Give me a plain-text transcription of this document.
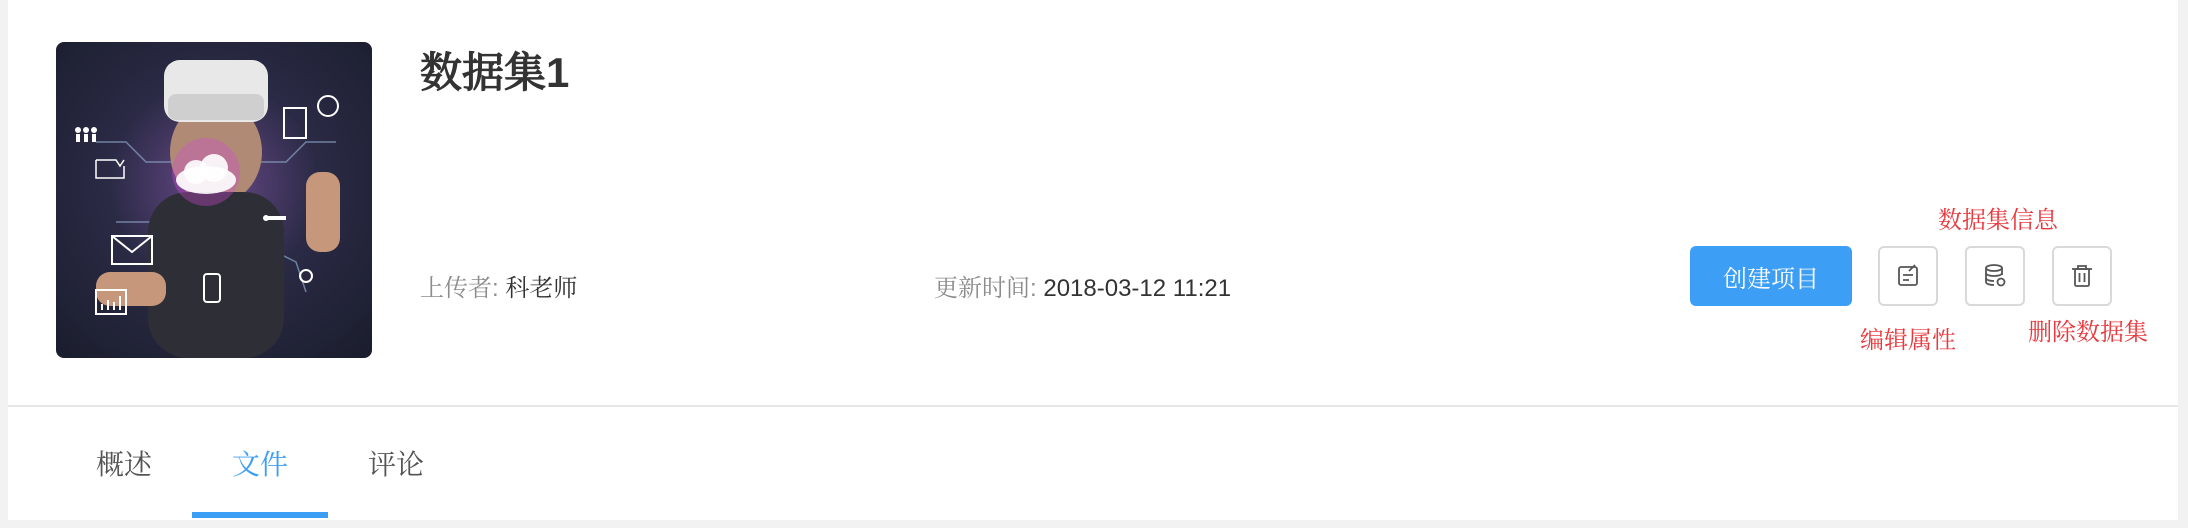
数据集1
上传者: 科老师	更新时间: 2018-03-12 11:21	创建项目
数据集信息
编辑属性	删除数据集
概述	文件	评论
